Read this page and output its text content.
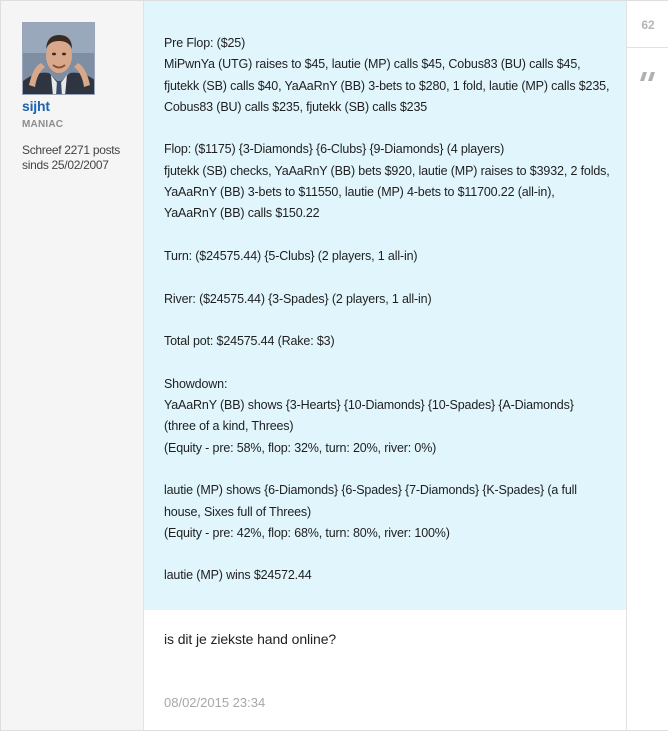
sijht
MANIAC
Schreef 2271 posts
sinds 25/02/2007
Pre Flop: ($25)
MiPwnYa (UTG) raises to $45, lautie (MP) calls $45, Cobus83 (BU) calls $45,
fjutekk (SB) calls $40, YaAaRnY (BB) 3-bets to $280, 1 fold, lautie (MP) calls $235,
Cobus83 (BU) calls $235, fjutekk (SB) calls $235
Flop: ($1175) {3-Diamonds} {6-Clubs} {9-Diamonds} (4 players)
fjutekk (SB) checks, YaAaRnY (BB) bets $920, lautie (MP) raises to $3932, 2 folds,
YaAaRnY (BB) 3-bets to $11550, lautie (MP) 4-bets to $11700.22 (all-in),
YaAaRnY (BB) calls $150.22
Turn: ($24575.44) {5-Clubs} (2 players, 1 all-in)
River: ($24575.44) {3-Spades} (2 players, 1 all-in)
Total pot: $24575.44 (Rake: $3)
Showdown:
YaAaRnY (BB) shows {3-Hearts} {10-Diamonds} {10-Spades} {A-Diamonds}
(three of a kind, Threes)
(Equity - pre: 58%, flop: 32%, turn: 20%, river: 0%)
lautie (MP) shows {6-Diamonds} {6-Spades} {7-Diamonds} {K-Spades} (a full
house, Sixes full of Threes)
(Equity - pre: 42%, flop: 68%, turn: 80%, river: 100%)
lautie (MP) wins $24572.44
is dit je ziekste hand online?
08/02/2015 23:34
62
